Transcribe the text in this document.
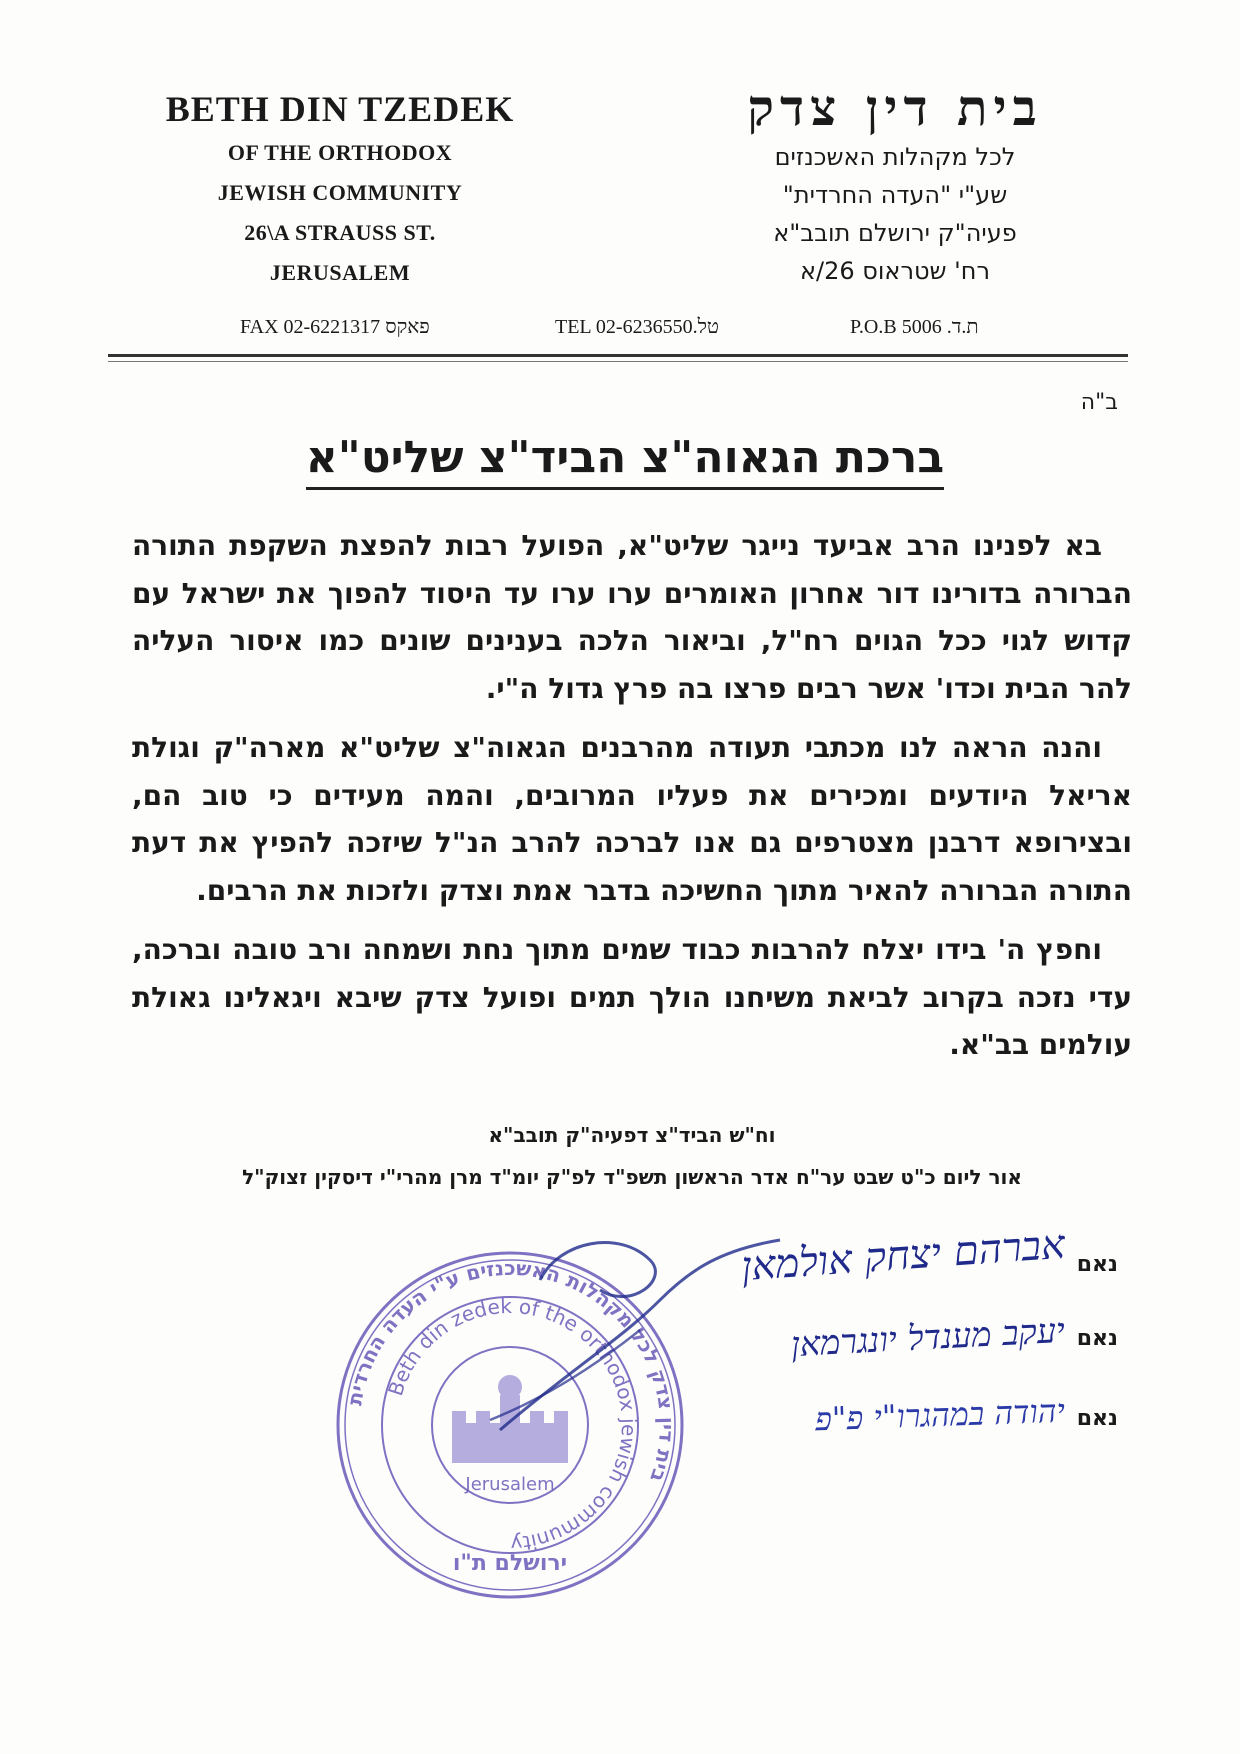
BETH DIN TZEDEK
OF THE ORTHODOX
JEWISH COMMUNITY
26\A STRAUSS ST.
JERUSALEM
בית דין צדק
לכל מקהלות האשכנזים
שע"י "העדה החרדית"
פעיה"ק ירושלם תובב"א
רח' שטראוס 26/א
FAX 02-6221317 פאקס	TEL 02-6236550.טל	P.O.B 5006 .ת.ד
ב"ה
ברכת הגאוה"צ הביד"צ שליט"א

בא לפנינו הרב אביעד נייגר שליט"א, הפועל רבות להפצת השקפת התורה הברורה בדורינו דור אחרון האומרים ערו ערו עד היסוד להפוך את ישראל עם קדוש לגוי ככל הגוים רח"ל, וביאור הלכה בענינים שונים כמו איסור העליה להר הבית וכדו' אשר רבים פרצו בה פרץ גדול ה"י.

והנה הראה לנו מכתבי תעודה מהרבנים הגאוה"צ שליט"א מארה"ק וגולת אריאל היודעים ומכירים את פעליו המרובים, והמה מעידים כי טוב הם, ובצירופא דרבנן מצטרפים גם אנו לברכה להרב הנ"ל שיזכה להפיץ את דעת התורה הברורה להאיר מתוך החשיכה בדבר אמת וצדק ולזכות את הרבים.

וחפץ ה' בידו יצלח להרבות כבוד שמים מתוך נחת ושמחה ורב טובה וברכה, עדי נזכה בקרוב לביאת משיחנו הולך תמים ופועל צדק שיבא ויגאלינו גאולת עולמים בב"א.

וח"ש הביד"צ דפעיה"ק תובב"א
אור ליום כ"ט שבט ער"ח אדר הראשון תשפ"ד לפ"ק יומ"ד מרן מהרי"י דיסקין זצוק"ל
בית דין צדק לכל מקהלות האשכנזים ע"י העדה החרדית
Beth din zedek of the orthodox jewish community
Jerusalem
ירושלם ת"ו
נאם
אברהם יצחק אולמאן
נאם
יעקב מענדל יונגרמאן
נאם
יהודה במהגרו"י פ"פ
